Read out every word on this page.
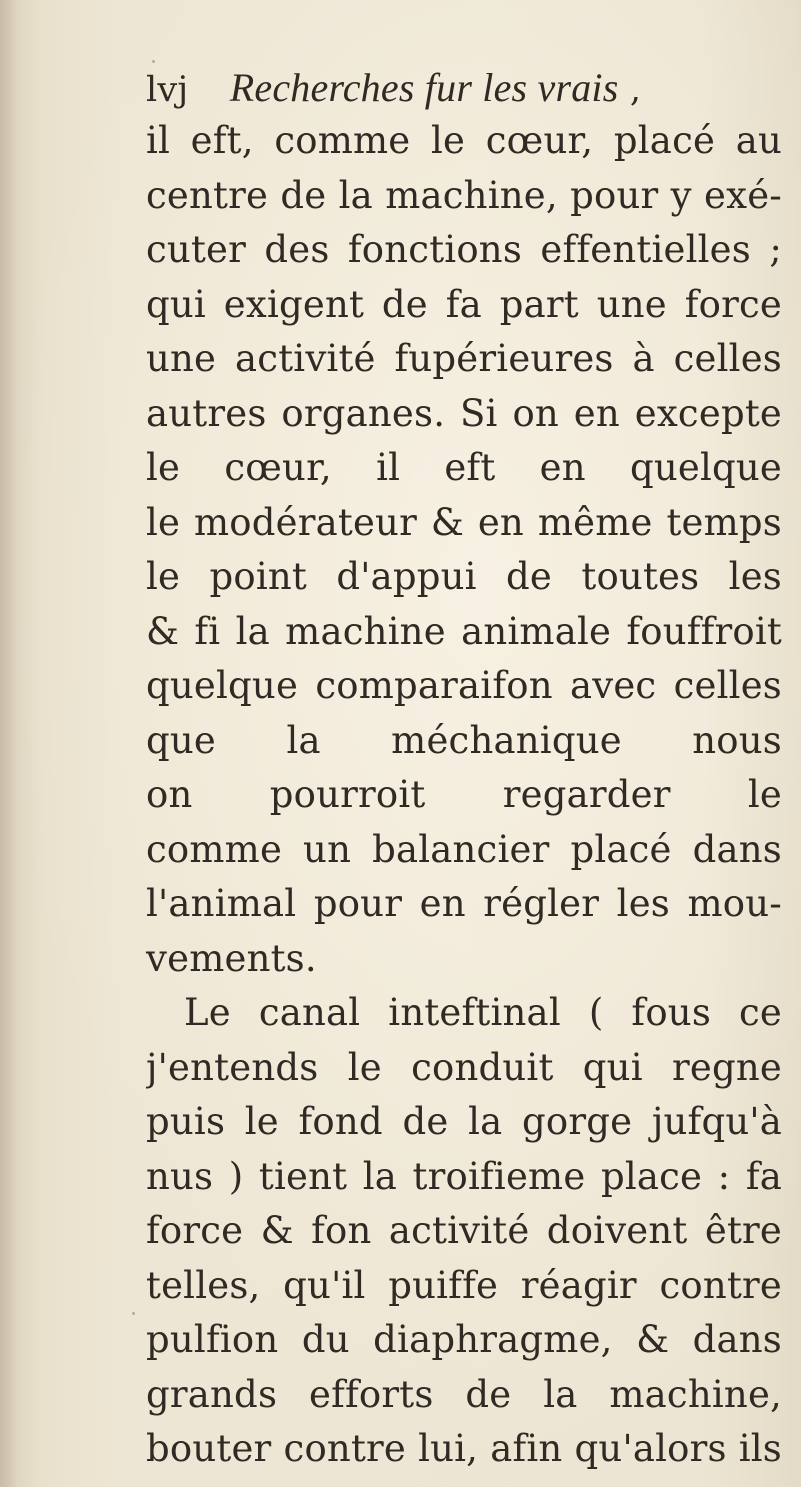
lvj Recherches fur les vrais ,
il eft, comme le cœur, placé au
centre de la machine, pour y exé-
cuter des fonctions effentielles ;
qui exigent de fa part une force
une activité fupérieures à celles
autres organes. Si on en excepte
le cœur, il eft en quelque
le modérateur & en même temps
le point d'appui de toutes les
& fi la machine animale fouffroit
quelque comparaifon avec celles
que la méchanique nous
on pourroit regarder le
comme un balancier placé dans
l'animal pour en régler les mou-
vements.
Le canal inteftinal ( fous ce
j'entends le conduit qui regne
puis le fond de la gorge jufqu'à
nus ) tient la troifieme place : fa
force & fon activité doivent être
telles, qu'il puiffe réagir contre
pulfion du diaphragme, & dans
grands efforts de la machine,
bouter contre lui, afin qu'alors ils
